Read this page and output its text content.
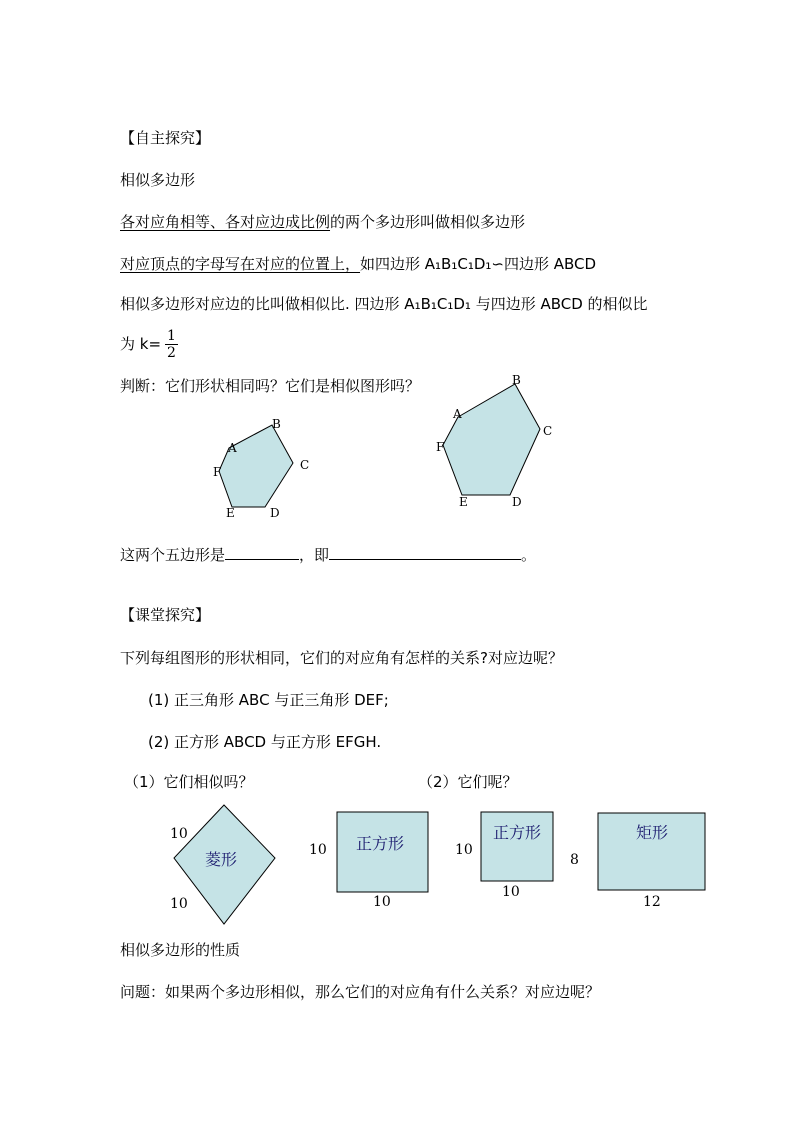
【自主探究】
相似多边形
各对应角相等、各对应边成比例的两个多边形叫做相似多边形
对应顶点的字母写在对应的位置上，如四边形 A₁B₁C₁D₁∽四边形 ABCD
相似多边形对应边的比叫做相似比. 四边形 A₁B₁C₁D₁ 与四边形 ABCD 的相似比
为 $k= \frac{1}{2}$
判断：它们形状相同吗？它们是相似图形吗？
A
B
C
D
E
F
A
B
C
D
E
F
这两个五边形是	，即	。
【课堂探究】
下列每组图形的形状相同，它们的对应角有怎样的关系?对应边呢？
(1) 正三角形 ABC 与正三角形 DEF;
(2) 正方形 ABCD 与正方形 EFGH.
（1）它们相似吗？	（2）它们呢？
10
菱形
10
正方形
10
10
正方形
10
10
矩形
8
12
相似多边形的性质
问题：如果两个多边形相似，那么它们的对应角有什么关系？对应边呢？
